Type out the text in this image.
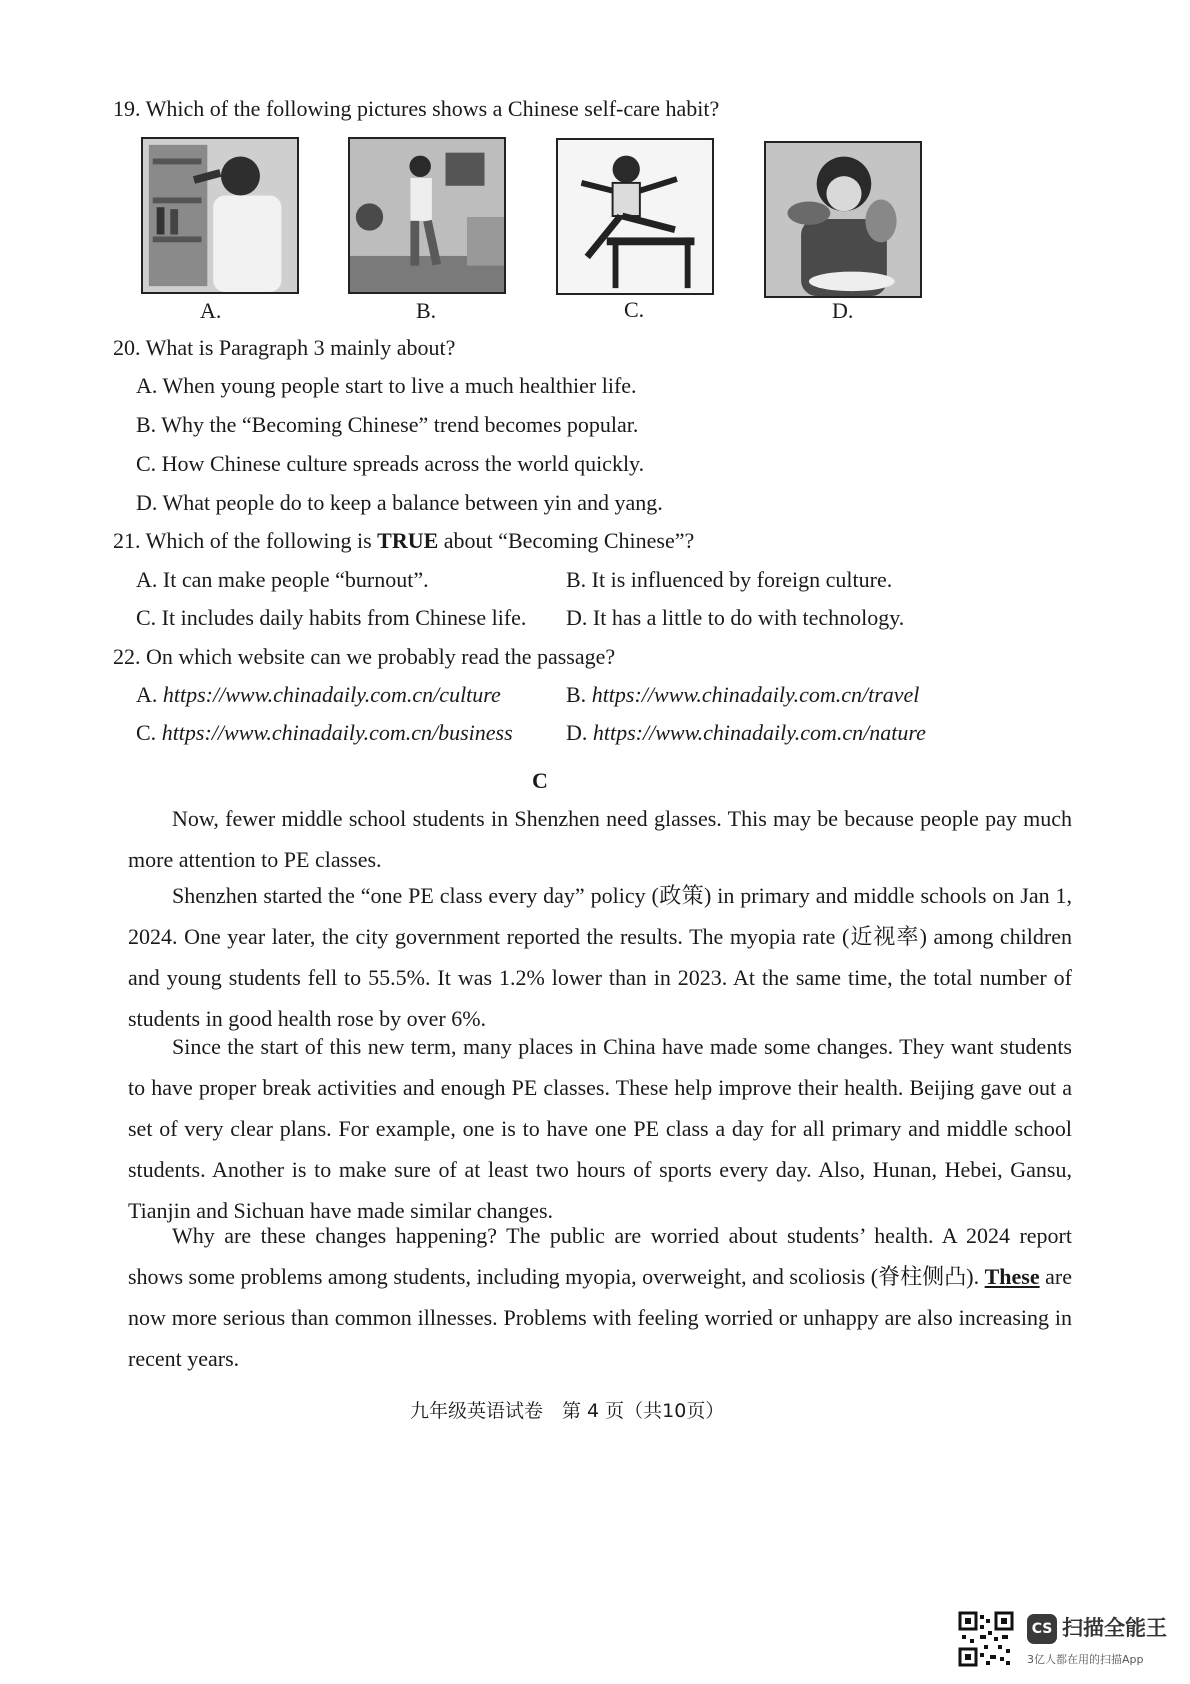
19. Which of the following pictures shows a Chinese self-care habit?
A.	B.	C.	D.
20. What is Paragraph 3 mainly about?
A. When young people start to live a much healthier life.
B. Why the “Becoming Chinese” trend becomes popular.
C. How Chinese culture spreads across the world quickly.
D. What people do to keep a balance between yin and yang.
21. Which of the following is TRUE about “Becoming Chinese”?
A. It can make people “burnout”.	B. It is influenced by foreign culture.
C. It includes daily habits from Chinese life. D. It has a little to do with technology.
22. On which website can we probably read the passage?
A. https://www.chinadaily.com.cn/culture	B. https://www.chinadaily.com.cn/travel
C. https://www.chinadaily.com.cn/business D. https://www.chinadaily.com.cn/nature
C
Now, fewer middle school students in Shenzhen need glasses. This may be because people pay much more attention to PE classes.
Shenzhen started the “one PE class every day” policy (政策) in primary and middle schools on Jan 1, 2024. One year later, the city government reported the results. The myopia rate (近视率) among children and young students fell to 55.5%. It was 1.2% lower than in 2023. At the same time, the total number of students in good health rose by over 6%.
Since the start of this new term, many places in China have made some changes. They want students to have proper break activities and enough PE classes. These help improve their health. Beijing gave out a set of very clear plans. For example, one is to have one PE class a day for all primary and middle school students. Another is to make sure of at least two hours of sports every day. Also, Hunan, Hebei, Gansu, Tianjin and Sichuan have made similar changes.
Why are these changes happening? The public are worried about students’ health. A 2024 report shows some problems among students, including myopia, overweight, and scoliosis (脊柱侧凸). These are now more serious than common illnesses. Problems with feeling worried or unhappy are also increasing in recent years.
九年级英语试卷　第 4 页（共10页）
CS 扫描全能王
3亿人都在用的扫描App
